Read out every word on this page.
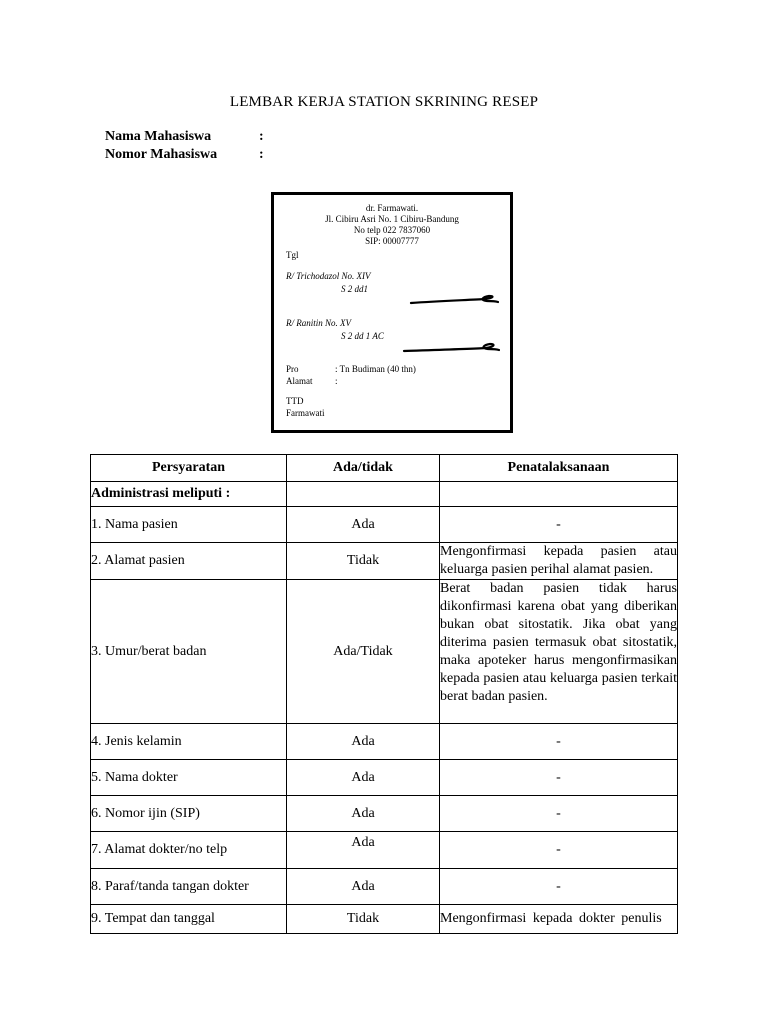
LEMBAR KERJA STATION SKRINING RESEP
Nama Mahasiswa	:
Nomor Mahasiswa	:
dr. Farmawati.
Jl. Cibiru Asri No. 1 Cibiru-Bandung
No telp 022 7837060
SIP: 00007777
Tgl
R/ Trichodazol No. XIV
S 2 dd1
R/ Ranitin No. XV
S 2 dd 1 AC
Pro	: Tn Budiman (40 thn)
Alamat	:
TTD
Farmawati
Persyaratan	Ada/tidak	Penatalaksanaan
Administrasi meliputi :		
1. Nama pasien	Ada	-
2. Alamat pasien	Tidak	Mengonfirmasi kepada pasien atau keluarga pasien perihal alamat pasien.
3. Umur/berat badan	Ada/Tidak	Berat badan pasien tidak harus dikonfirmasi karena obat yang diberikan bukan obat sitostatik. Jika obat yang diterima pasien termasuk obat sitostatik, maka apoteker harus mengonfirmasikan kepada pasien atau keluarga pasien terkait berat badan pasien.
4. Jenis kelamin	Ada	-
5. Nama dokter	Ada	-
6. Nomor ijin (SIP)	Ada	-
7. Alamat dokter/no telp	Ada	-
8. Paraf/tanda tangan dokter	Ada	-
9. Tempat dan tanggal	Tidak	Mengonfirmasi kepada dokter penulis
